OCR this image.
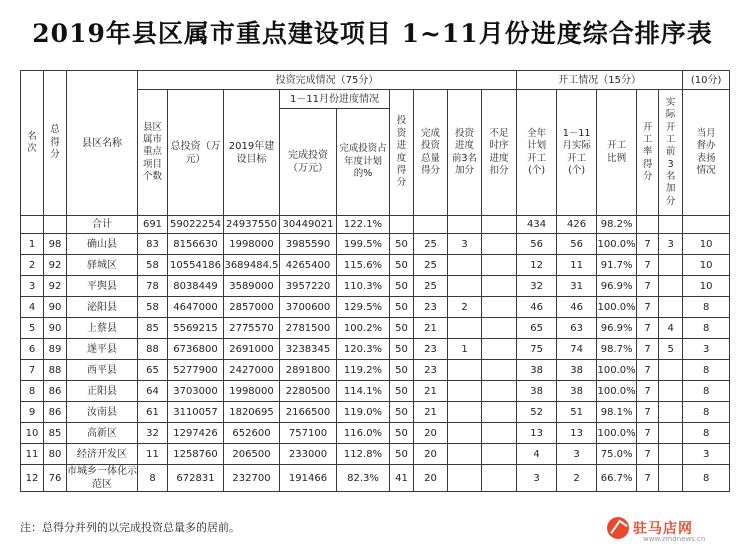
2019年县区属市重点建设项目 1~11月份进度综合排序表
名次	总得分	县区名称	投资完成情况（75分）									开工情况（15分）					(10分)
			县区属市重点项目个数	总投资（万元）	2019年建设目标	1－11月份进度情况		投资进度得分	完成投资总量得分	投资进度前3名加分	不足时序进度扣分	全年计划开工(个)	1－11月实际开工(个)	开工比例	开工率得分	实际开工前3名加分	当月督办表扬情况
						完成投资（万元）	完成投资占年度计划的%										
		合计	691	59022254	24937550	30449021	122.1%					434	426	98.2%			
1	98	确山县	83	8156630	1998000	3985590	199.5%	50	25	3		56	56	100.0%	7	3	10
2	92	驿城区	58	10554186	3689484.5	4265400	115.6%	50	25			12	11	91.7%	7		10
3	92	平舆县	78	8038449	3589000	3957220	110.3%	50	25			32	31	96.9%	7		10
4	90	泌阳县	58	4647000	2857000	3700600	129.5%	50	23	2		46	46	100.0%	7		8
5	90	上蔡县	85	5569215	2775570	2781500	100.2%	50	21			65	63	96.9%	7	4	8
6	89	遂平县	88	6736800	2691000	3238345	120.3%	50	23	1		75	74	98.7%	7	5	3
7	88	西平县	65	5277900	2427000	2891800	119.2%	50	23			38	38	100.0%	7		8
8	86	正阳县	64	3703000	1998000	2280500	114.1%	50	21			38	38	100.0%	7		8
9	86	汝南县	61	3110057	1820695	2166500	119.0%	50	21			52	51	98.1%	7		8
10	85	高新区	32	1297426	652600	757100	116.0%	50	20			13	13	100.0%	7		8
11	80	经济开发区	11	1258760	206500	233000	112.8%	50	20			4	3	75.0%	7		3
12	76	市城乡一体化示范区	8	672831	232700	191466	82.3%	41	20			3	2	66.7%	7		8
注：总得分并列的以完成投资总量多的居前。	驻马店网
www.zmdnews.cn
